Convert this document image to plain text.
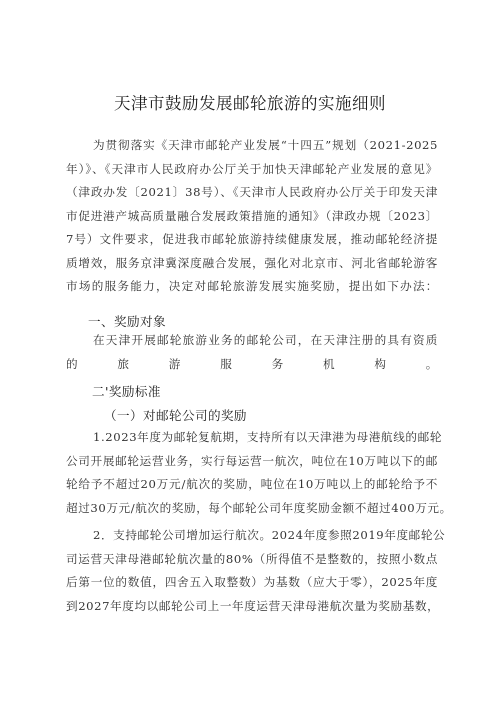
天津市鼓励发展邮轮旅游的实施细则
为贯彻落实《天津市邮轮产业发展“十四五”规划（2021-2025
年）》、《天津市人民政府办公厅关于加快天津邮轮产业发展的意见》
（津政办发〔2021〕38号）、《天津市人民政府办公厅关于印发天津
市促进港产城高质量融合发展政策措施的通知》（津政办规〔2023〕
7号）文件要求，促进我市邮轮旅游持续健康发展，推动邮轮经济提
质增效，服务京津冀深度融合发展，强化对北京市、河北省邮轮游客
市场的服务能力，决定对邮轮旅游发展实施奖励，提出如下办法：
一、奖励对象
在天津开展邮轮旅游业务的邮轮公司，在天津注册的具有资质
的旅游服务机构。
二'奖励标准
（一）对邮轮公司的奖励
1.2023年度为邮轮复航期，支持所有以天津港为母港航线的邮轮
公司开展邮轮运营业务，实行每运营一航次，吨位在10万吨以下的邮
轮给予不超过20万元/航次的奖励，吨位在10万吨以上的邮轮给予不
超过30万元/航次的奖励，每个邮轮公司年度奖励金额不超过400万元。
2．支持邮轮公司增加运行航次。2024年度参照2019年度邮轮公
司运营天津母港邮轮航次量的80%（所得值不是整数的，按照小数点
后第一位的数值，四舍五入取整数）为基数（应大于零），2025年度
到2027年度均以邮轮公司上一年度运营天津母港航次量为奖励基数，
